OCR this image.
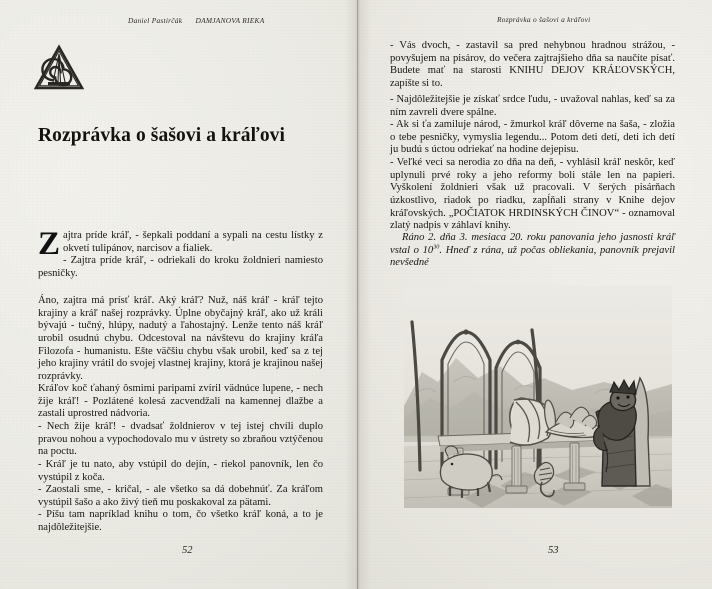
Daniel Pastirčák DAMJANOVA RIEKA	Rozprávka o šašovi a kráľovi
Rozprávka o šašovi a kráľovi

Zajtra príde kráľ, - šepkali poddaní a sypali na cestu lístky z okvetí tulipánov, narcisov a fialiek.

- Zajtra príde kráľ, - odriekali do kroku žoldnieri namiesto pesničky.

Áno, zajtra má prísť kráľ. Aký kráľ? Nuž, náš kráľ - kráľ tejto krajiny a kráľ našej rozprávky. Úplne obyčajný kráľ, ako už králi bývajú - tučný, hlúpy, nadutý a ľahostajný. Lenže tento náš kráľ urobil osudnú chybu. Odcestoval na návštevu do krajiny kráľa Filozofa - humanistu. Ešte väčšiu chybu však urobil, keď sa z tej jeho krajiny vrátil do svojej vlastnej krajiny, ktorá je krajinou našej rozprávky.
Kráľov koč ťahaný ôsmimi paripami zvíril vädnúce lupene, - nech žije kráľ! - Pozlátené kolesá zacvendžali na kamennej dlažbe a zastali uprostred nádvoria.
- Nech žije kráľ! - dvadsať žoldnierov v tej istej chvíli duplo pravou nohou a vypochodovalo mu v ústrety so zbraňou vztýčenou na poctu.
- Kráľ je tu nato, aby vstúpil do dejín, - riekol panovník, len čo vystúpil z koča.
- Zaostali sme, - kričal, - ale všetko sa dá dobehnúť. Za kráľom vystúpil šašo a ako živý tieň mu poskakoval za pätami.
- Píšu tam napríklad knihu o tom, čo všetko kráľ koná, a to je najdôležitejšie.
- Vás dvoch, - zastavil sa pred nehybnou hradnou strážou, - povyšujem na pisárov, do večera zajtrajšieho dňa sa naučíte písať. Budete mať na starosti KNIHU DEJOV KRÁĽOVSKÝCH, zapíšte si to.
- Najdôležitejšie je získať srdce ľudu, - uvažoval nahlas, keď sa za ním zavreli dvere spálne.
- Ak si ťa zamiluje národ, - žmurkol kráľ dôverne na šaša, - zložia o tebe pesničky, vymyslia legendu... Potom deti detí, deti ich detí ju budú s úctou odriekať na hodine dejepisu.
- Veľké veci sa nerodia zo dňa na deň, - vyhlásil kráľ neskôr, keď uplynuli prvé roky a jeho reformy boli stále len na papieri. Vyškolení žoldnieri však už pracovali. V šerých pisárňach úzkostlivo, riadok po riadku, zapĺňali strany v Knihe dejov kráľovských. „POČIATOK HRDINSKÝCH ČINOV“ - oznamoval zlatý nadpis v záhlaví knihy.

Ráno 2. dňa 3. mesiaca 20. roku panovania jeho jasnosti kráľ vstal o $10^{30}$. Hneď z rána, už počas obliekania, panovník prejavil nevšedné

52	53
